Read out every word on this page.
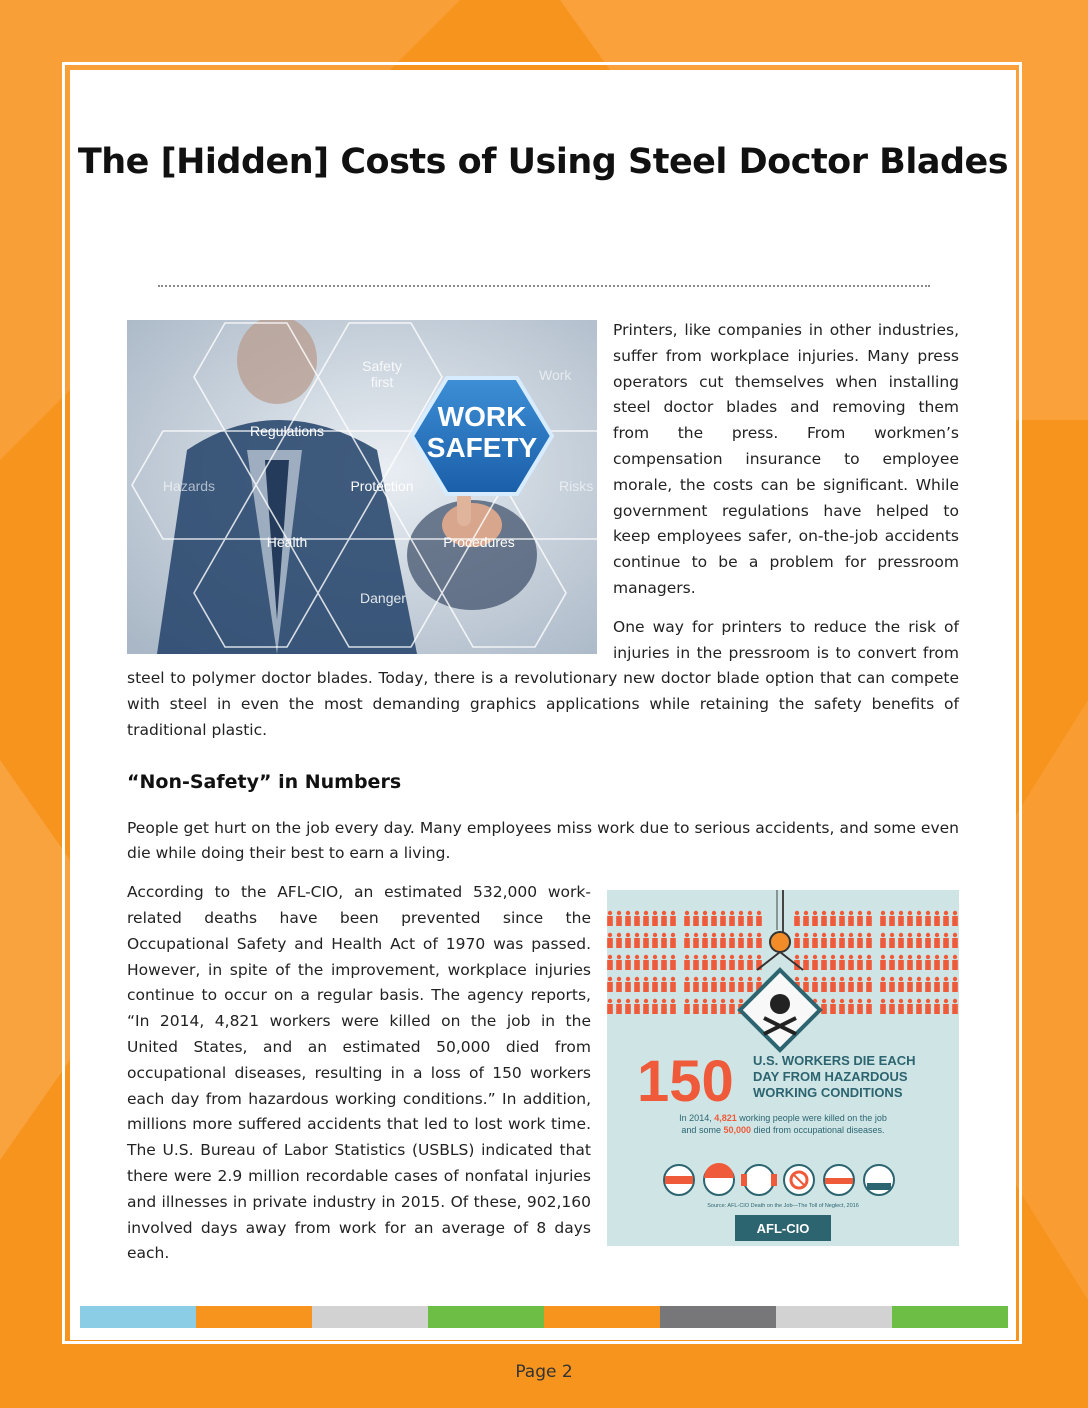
The [Hidden] Costs of Using Steel Doctor Blades
WORK
SAFETY
Safety
first	Work
Regulations
Hazards	Protection	Risks
Health	Procedures
Danger

Printers, like companies in other industries, suffer from workplace injuries. Many press operators cut themselves when installing steel doctor blades and removing them from the press. From workmen’s compensation insurance to employee morale, the costs can be significant. While government regulations have helped to keep employees safer, on-the-job accidents continue to be a problem for pressroom managers.

One way for printers to reduce the risk of injuries in the pressroom is to convert from steel to polymer doctor blades. Today, there is a revolutionary new doctor blade option that can compete with steel in even the most demanding graphics applications while retaining the safety benefits of traditional plastic.

“Non-Safety” in Numbers

People get hurt on the job every day. Many employees miss work due to serious accidents, and some even die while doing their best to earn a living.

150 U.S. WORKERS DIE EACH
DAY FROM HAZARDOUS
WORKING CONDITIONS
In 2014, 4,821 working people were killed on the job
and some 50,000 died from occupational diseases.
Source: AFL-CIO Death on the Job—The Toll of Neglect, 2016
AFL-CIO

According to the AFL-CIO, an estimated 532,000 work-related deaths have been prevented since the Occupational Safety and Health Act of 1970 was passed. However, in spite of the improvement, workplace injuries continue to occur on a regular basis. The agency reports, “In 2014, 4,821 workers were killed on the job in the United States, and an estimated 50,000 died from occupational diseases, resulting in a loss of 150 workers each day from hazardous working conditions.” In addition, millions more suffered accidents that led to lost work time. The U.S. Bureau of Labor Statistics (USBLS) indicated that there were 2.9 million recordable cases of nonfatal injuries and illnesses in private industry in 2015. Of these, 902,160 involved days away from work for an average of 8 days each.

Page 2
